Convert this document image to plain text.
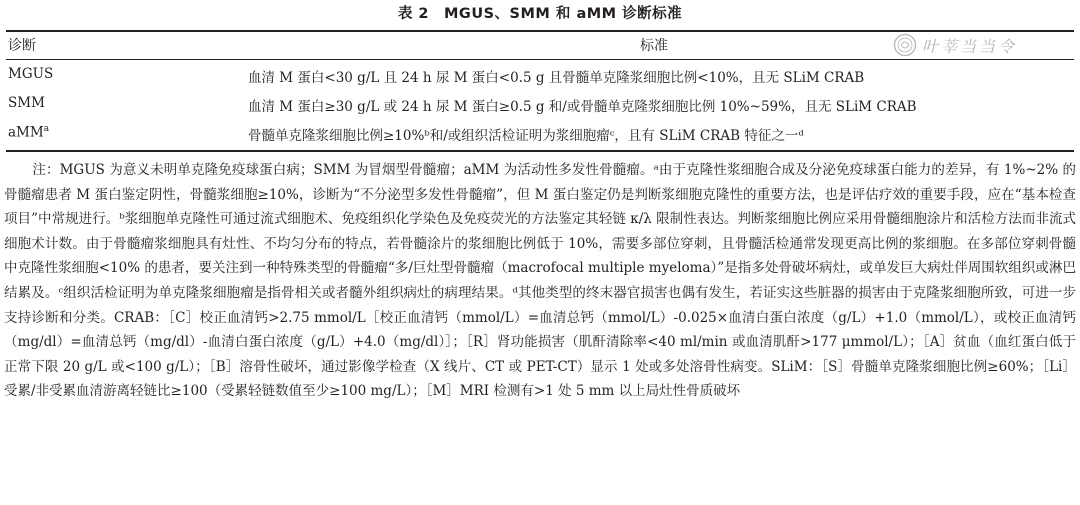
表 2　MGUS、SMM 和 aMM 诊断标准
诊断	标准	叶莘当当令
MGUS	血清 M 蛋白<30 g/L 且 24 h 尿 M 蛋白<0.5 g 且骨髓单克隆浆细胞比例<10%，且无 SLiM CRAB
SMM	血清 M 蛋白≥30 g/L 或 24 h 尿 M 蛋白≥0.5 g 和/或骨髓单克隆浆细胞比例 10%~59%，且无 SLiM CRAB
aMM$^a$	骨髓单克隆浆细胞比例≥10%ᵇ和/或组织活检证明为浆细胞瘤ᶜ，且有 SLiM CRAB 特征之一ᵈ

注：MGUS 为意义未明单克隆免疫球蛋白病；SMM 为冒烟型骨髓瘤；aMM 为活动性多发性骨髓瘤。ᵃ由于克隆性浆细胞合成及分泌免疫球蛋白能力的差异，有 1%~2% 的骨髓瘤患者 M 蛋白鉴定阴性，骨髓浆细胞≥10%，诊断为“不分泌型多发性骨髓瘤”，但 M 蛋白鉴定仍是判断浆细胞克隆性的重要方法，也是评估疗效的重要手段，应在“基本检查项目”中常规进行。ᵇ浆细胞单克隆性可通过流式细胞术、免疫组织化学染色及免疫荧光的方法鉴定其轻链 κ/λ 限制性表达。判断浆细胞比例应采用骨髓细胞涂片和活检方法而非流式细胞术计数。由于骨髓瘤浆细胞具有灶性、不均匀分布的特点，若骨髓涂片的浆细胞比例低于 10%，需要多部位穿刺，且骨髓活检通常发现更高比例的浆细胞。在多部位穿刺骨髓中克隆性浆细胞<10% 的患者，要关注到一种特殊类型的骨髓瘤“多/巨灶型骨髓瘤（macrofocal multiple myeloma）”是指多处骨破坏病灶，或单发巨大病灶伴周围软组织或淋巴结累及。ᶜ组织活检证明为单克隆浆细胞瘤是指骨相关或者髓外组织病灶的病理结果。ᵈ其他类型的终末器官损害也偶有发生，若证实这些脏器的损害由于克隆浆细胞所致，可进一步支持诊断和分类。CRAB：［C］校正血清钙>2.75 mmol/L［校正血清钙（mmol/L）=血清总钙（mmol/L）-0.025×血清白蛋白浓度（g/L）+1.0（mmol/L），或校正血清钙（mg/dl）=血清总钙（mg/dl）-血清白蛋白浓度（g/L）+4.0（mg/dl）］；［R］肾功能损害（肌酐清除率<40 ml/min 或血清肌酐>177 μmmol/L）；［A］贫血（血红蛋白低于正常下限 20 g/L 或<100 g/L）；［B］溶骨性破坏，通过影像学检查（X 线片、CT 或 PET-CT）显示 1 处或多处溶骨性病变。SLiM：［S］骨髓单克隆浆细胞比例≥60%；［Li］受累/非受累血清游离轻链比≥100（受累轻链数值至少≥100 mg/L）；［M］MRI 检测有>1 处 5 mm 以上局灶性骨质破坏
